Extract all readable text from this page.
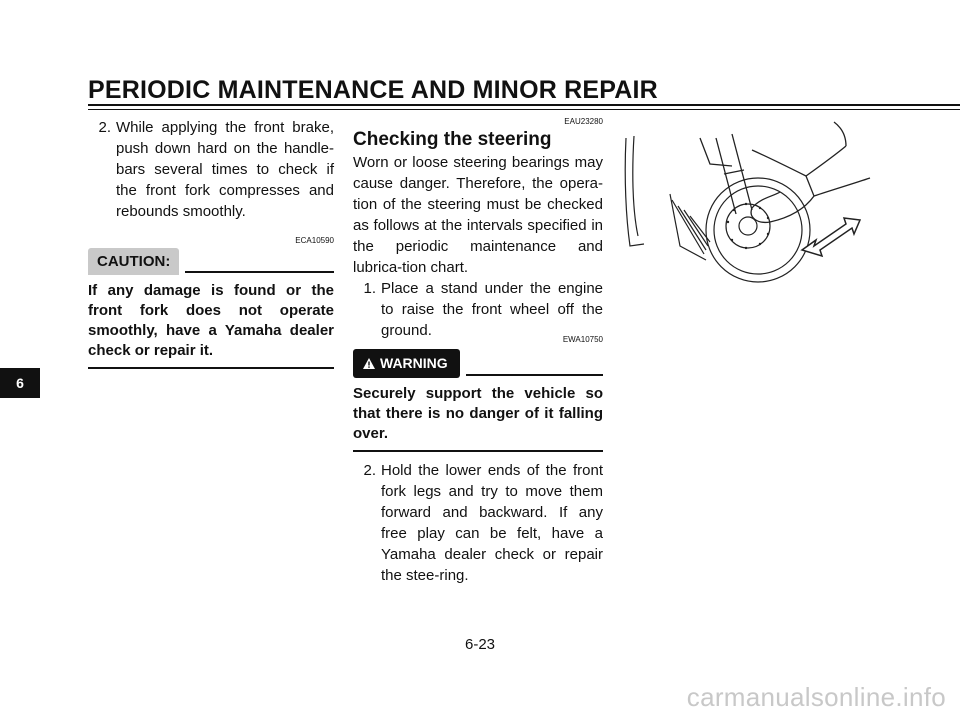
PERIODIC MAINTENANCE AND MINOR REPAIR
6
2. While applying the front brake, push down hard on the handle-bars several times to check if the front fork compresses and rebounds smoothly.
ECA10590
CAUTION:
If any damage is found or the front fork does not operate smoothly, have a Yamaha dealer check or repair it.
EAU23280
Checking the steering
Worn or loose steering bearings may cause danger. Therefore, the opera-tion of the steering must be checked as follows at the intervals specified in the periodic maintenance and lubrica-tion chart.
1. Place a stand under the engine to raise the front wheel off the ground.
EWA10750
WARNING
Securely support the vehicle so that there is no danger of it falling over.
2. Hold the lower ends of the front fork legs and try to move them forward and backward. If any free play can be felt, have a Yamaha dealer check or repair the stee-ring.
6-23
carmanualsonline.info
